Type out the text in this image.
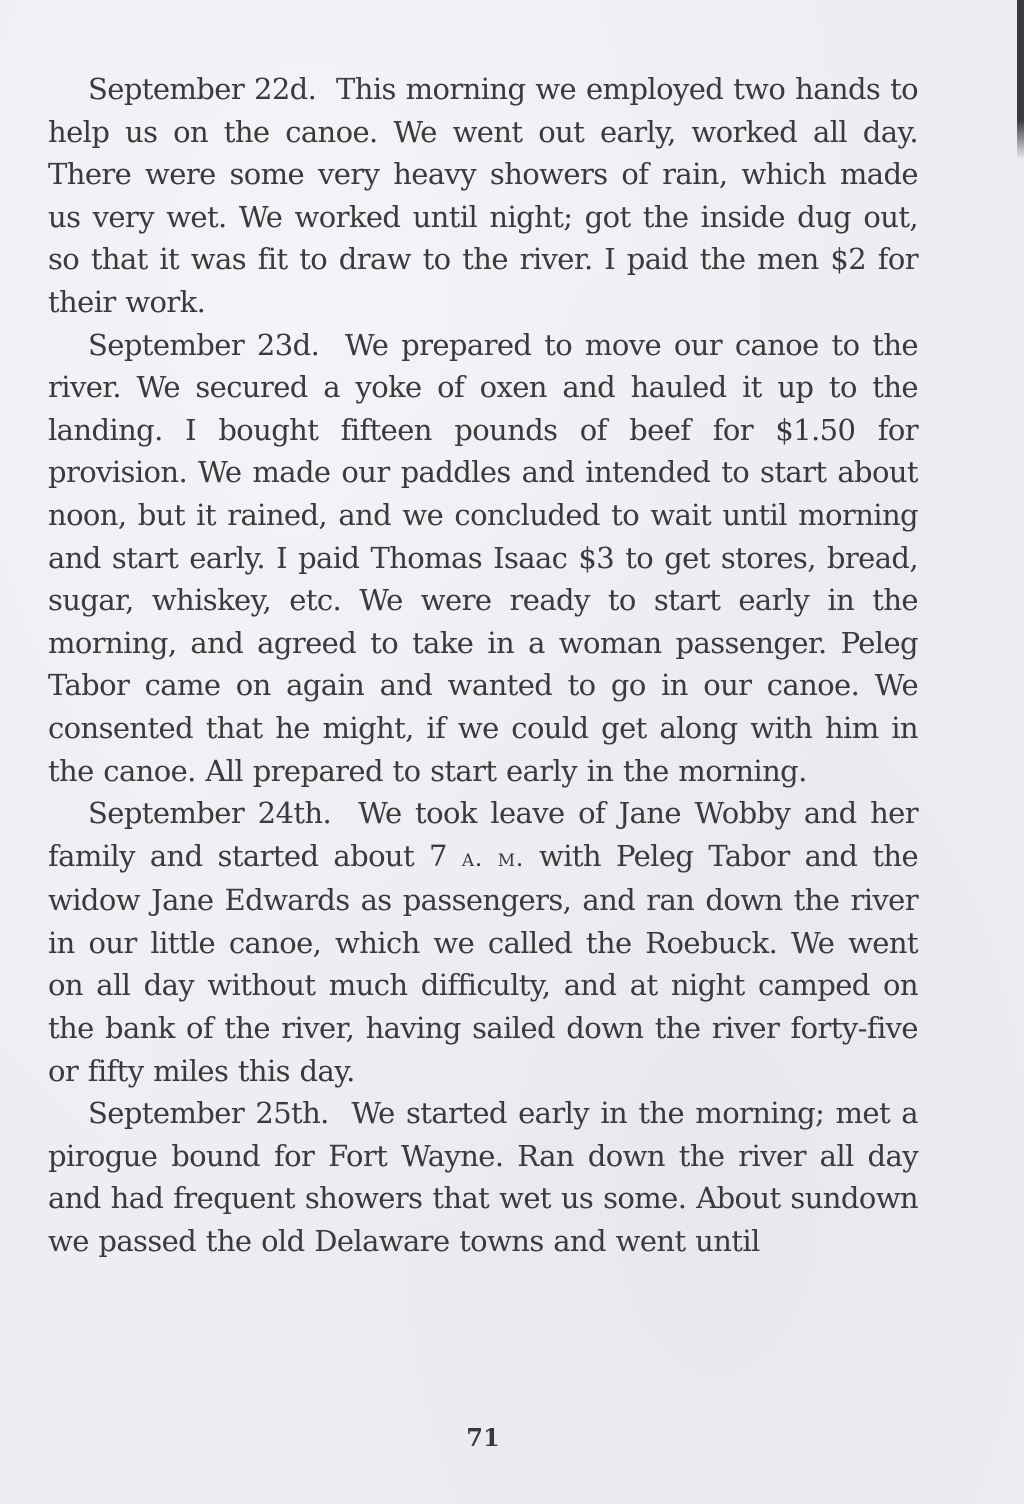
September 22d. This morning we employed two hands to help us on the canoe. We went out early, worked all day. There were some very heavy showers of rain, which made us very wet. We worked until night; got the inside dug out, so that it was fit to draw to the river. I paid the men $2 for their work.

September 23d. We prepared to move our canoe to the river. We secured a yoke of oxen and hauled it up to the landing. I bought fifteen pounds of beef for $1.50 for provision. We made our paddles and intended to start about noon, but it rained, and we concluded to wait until morning and start early. I paid Thomas Isaac $3 to get stores, bread, sugar, whiskey, etc. We were ready to start early in the morning, and agreed to take in a woman passenger. Peleg Tabor came on again and wanted to go in our canoe. We consented that he might, if we could get along with him in the canoe. All prepared to start early in the morning.

September 24th. We took leave of Jane Wobby and her family and started about 7 a. m. with Peleg Tabor and the widow Jane Edwards as passengers, and ran down the river in our little canoe, which we called the Roebuck. We went on all day without much difficulty, and at night camped on the bank of the river, having sailed down the river forty-five or fifty miles this day.

September 25th. We started early in the morning; met a pirogue bound for Fort Wayne. Ran down the river all day and had frequent showers that wet us some. About sundown we passed the old Delaware towns and went until

71
